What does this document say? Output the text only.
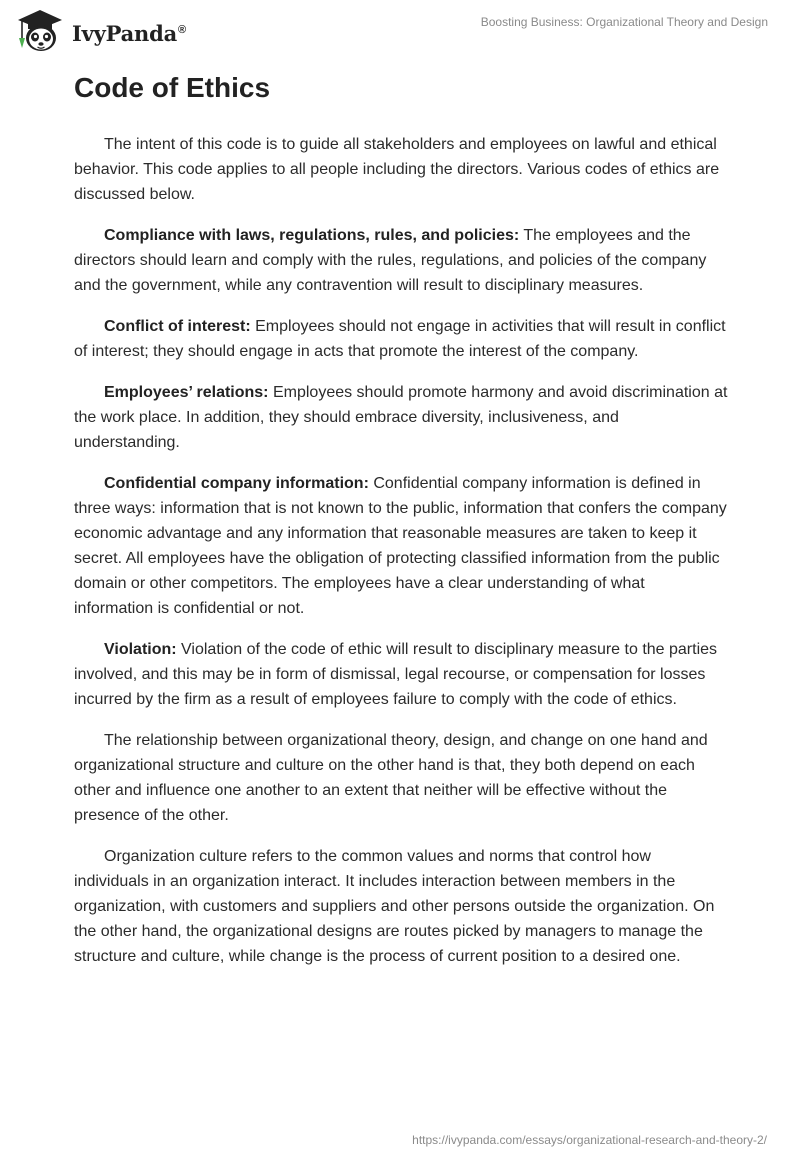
IvyPanda®
Boosting Business: Organizational Theory and Design
Code of Ethics

The intent of this code is to guide all stakeholders and employees on lawful and ethical behavior. This code applies to all people including the directors. Various codes of ethics are discussed below.

Compliance with laws, regulations, rules, and policies: The employees and the directors should learn and comply with the rules, regulations, and policies of the company and the government, while any contravention will result to disciplinary measures.

Conflict of interest: Employees should not engage in activities that will result in conflict of interest; they should engage in acts that promote the interest of the company.

Employees’ relations: Employees should promote harmony and avoid discrimination at the work place. In addition, they should embrace diversity, inclusiveness, and understanding.

Confidential company information: Confidential company information is defined in three ways: information that is not known to the public, information that confers the company economic advantage and any information that reasonable measures are taken to keep it secret. All employees have the obligation of protecting classified information from the public domain or other competitors. The employees have a clear understanding of what information is confidential or not.

Violation: Violation of the code of ethic will result to disciplinary measure to the parties involved, and this may be in form of dismissal, legal recourse, or compensation for losses incurred by the firm as a result of employees failure to comply with the code of ethics.

The relationship between organizational theory, design, and change on one hand and organizational structure and culture on the other hand is that, they both depend on each other and influence one another to an extent that neither will be effective without the presence of the other.

Organization culture refers to the common values and norms that control how individuals in an organization interact. It includes interaction between members in the organization, with customers and suppliers and other persons outside the organization. On the other hand, the organizational designs are routes picked by managers to manage the structure and culture, while change is the process of current position to a desired one.

https://ivypanda.com/essays/organizational-research-and-theory-2/
